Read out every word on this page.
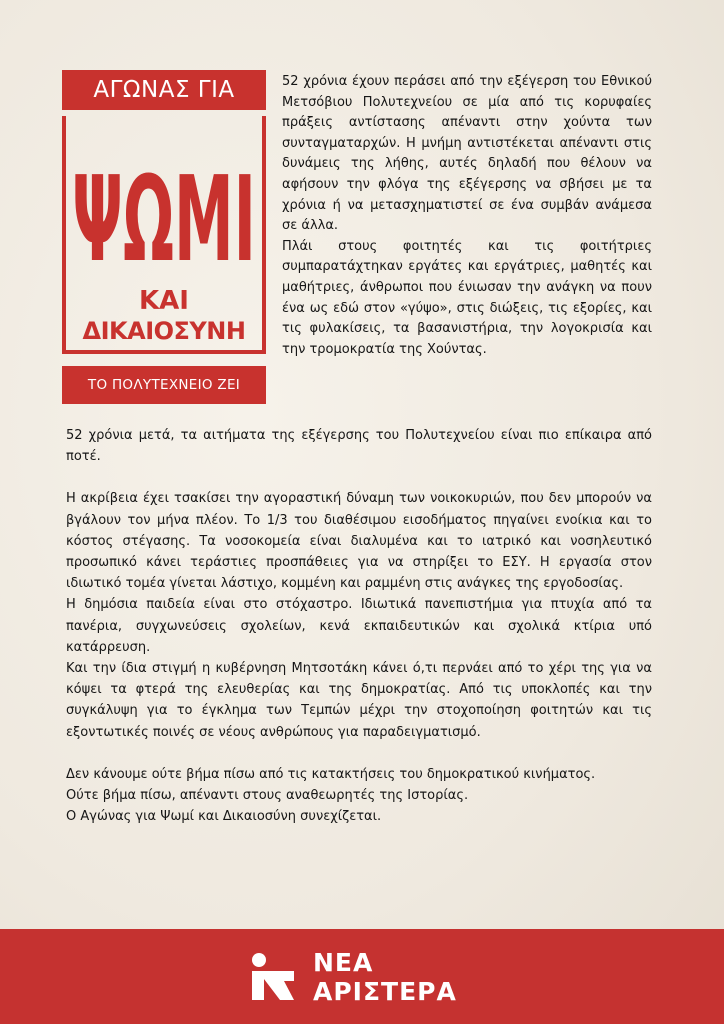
ΑΓΩΝΑΣ ΓΙΑ
ΨΩΜΙ
ΚΑΙ
ΔΙΚΑΙΟΣΥΝΗ
ΤΟ ΠΟΛΥΤΕΧΝΕΙΟ ΖΕΙ

52 χρόνια έχουν περάσει από την εξέγερση του Εθνικού Μετσόβιου Πολυτεχνείου σε μία από τις κορυφαίες πράξεις αντίστασης απέναντι στην χούντα των συνταγματαρχών. Η μνήμη αντιστέκεται απέναντι στις δυνάμεις της λήθης, αυτές δηλαδή που θέλουν να αφήσουν την φλόγα της εξέγερσης να σβήσει με τα χρόνια ή να μετασχηματιστεί σε ένα συμβάν ανάμεσα σε άλλα.

Πλάι στους φοιτητές και τις φοιτήτριες συμπαρατάχτηκαν εργάτες και εργάτριες, μαθητές και μαθήτριες, άνθρωποι που ένιωσαν την ανάγκη να πουν ένα ως εδώ στον «γύψο», στις διώξεις, τις εξορίες, και τις φυλακίσεις, τα βασανιστήρια, την λογοκρισία και την τρομοκρατία της Χούντας.

52 χρόνια μετά, τα αιτήματα της εξέγερσης του Πολυτεχνείου είναι πιο επίκαιρα από ποτέ.

Η ακρίβεια έχει τσακίσει την αγοραστική δύναμη των νοικοκυριών, που δεν μπορούν να βγάλουν τον μήνα πλέον. Το 1/3 του διαθέσιμου εισοδήματος πηγαίνει ενοίκια και το κόστος στέγασης. Τα νοσοκομεία είναι διαλυμένα και το ιατρικό και νοσηλευτικό προσωπικό κάνει τεράστιες προσπάθειες για να στηρίξει το ΕΣΥ. Η εργασία στον ιδιωτικό τομέα γίνεται λάστιχο, κομμένη και ραμμένη στις ανάγκες της εργοδοσίας.

Η δημόσια παιδεία είναι στο στόχαστρο. Ιδιωτικά πανεπιστήμια για πτυχία από τα πανέρια, συγχωνεύσεις σχολείων, κενά εκπαιδευτικών και σχολικά κτίρια υπό κατάρρευση.

Και την ίδια στιγμή η κυβέρνηση Μητσοτάκη κάνει ό,τι περνάει από το χέρι της για να κόψει τα φτερά της ελευθερίας και της δημοκρατίας. Από τις υποκλοπές και την συγκάλυψη για το έγκλημα των Τεμπών μέχρι την στοχοποίηση φοιτητών και τις εξοντωτικές ποινές σε νέους ανθρώπους για παραδειγματισμό.

Δεν κάνουμε ούτε βήμα πίσω από τις κατακτήσεις του δημοκρατικού κινήματος.

Ούτε βήμα πίσω, απέναντι στους αναθεωρητές της Ιστορίας.

Ο Αγώνας για Ψωμί και Δικαιοσύνη συνεχίζεται.

ΝΕΑ
ΑΡΙΣΤΕΡΑ
